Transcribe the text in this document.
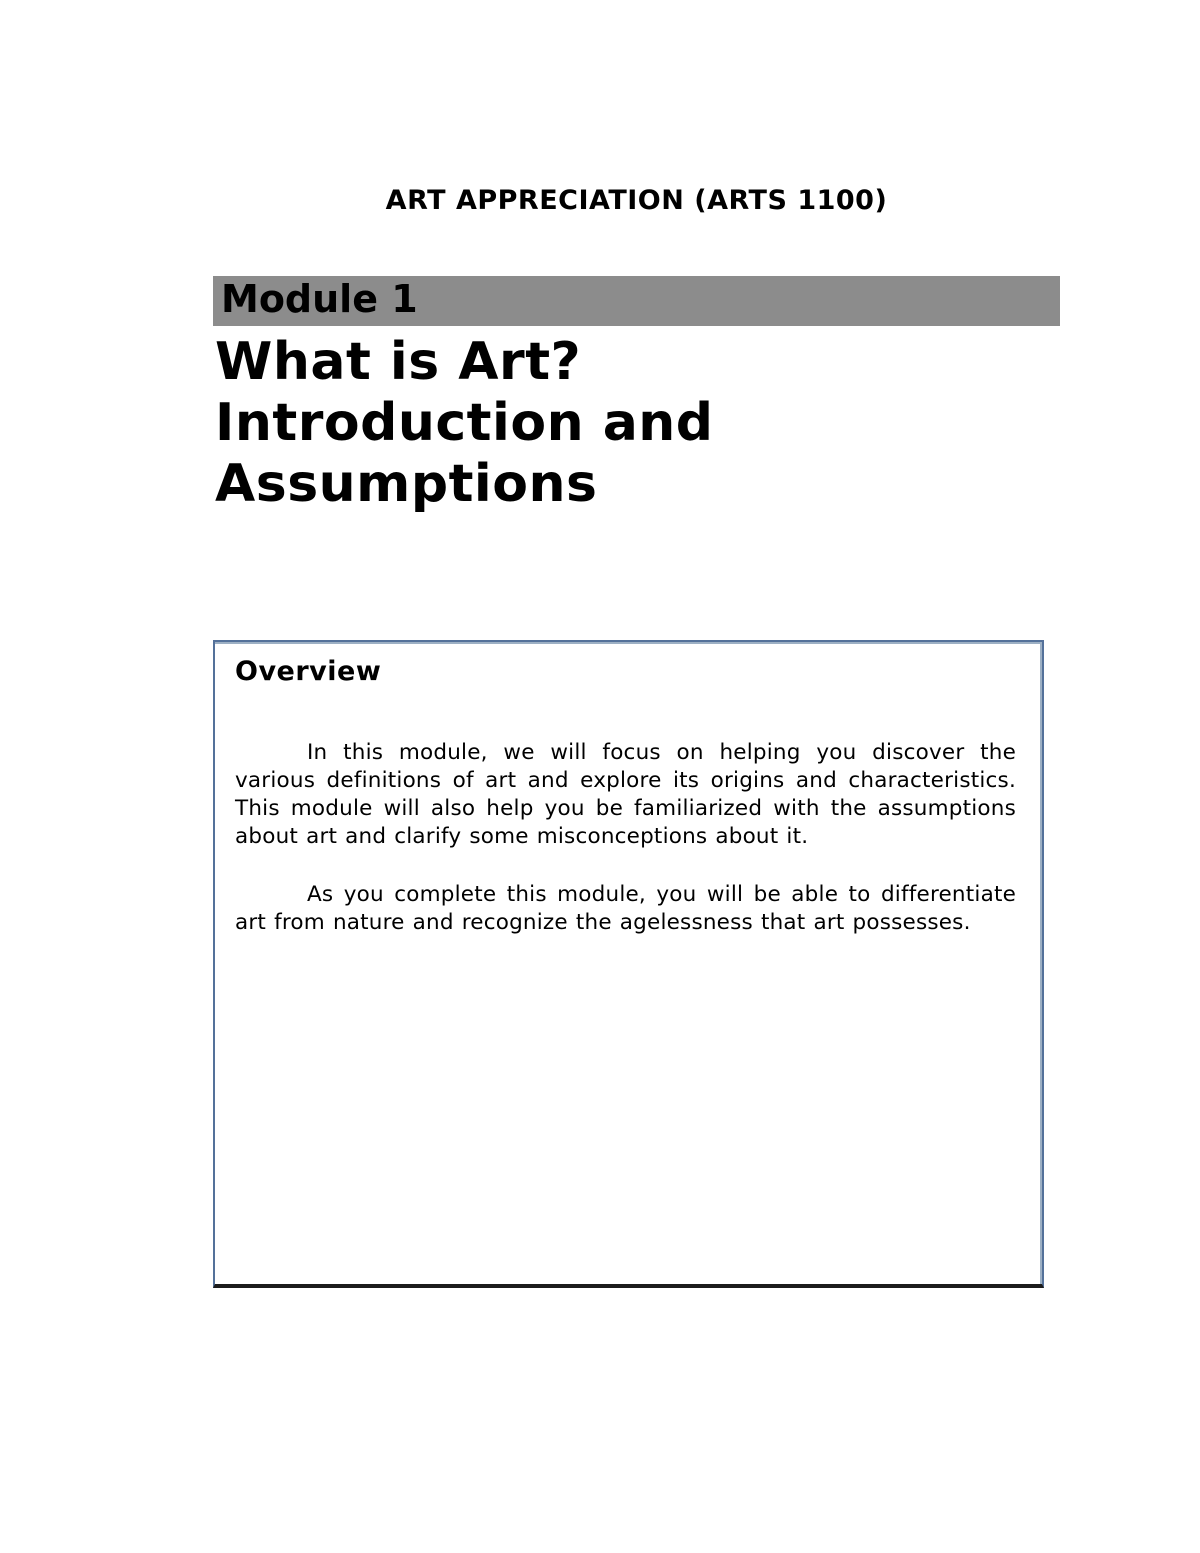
ART APPRECIATION (ARTS 1100)
Module 1
What is Art?
Introduction and
Assumptions
Overview

In this module, we will focus on helping you discover the various definitions of art and explore its origins and characteristics. This module will also help you be familiarized with the assumptions about art and clarify some misconceptions about it.

As you complete this module, you will be able to differentiate art from nature and recognize the agelessness that art possesses.
